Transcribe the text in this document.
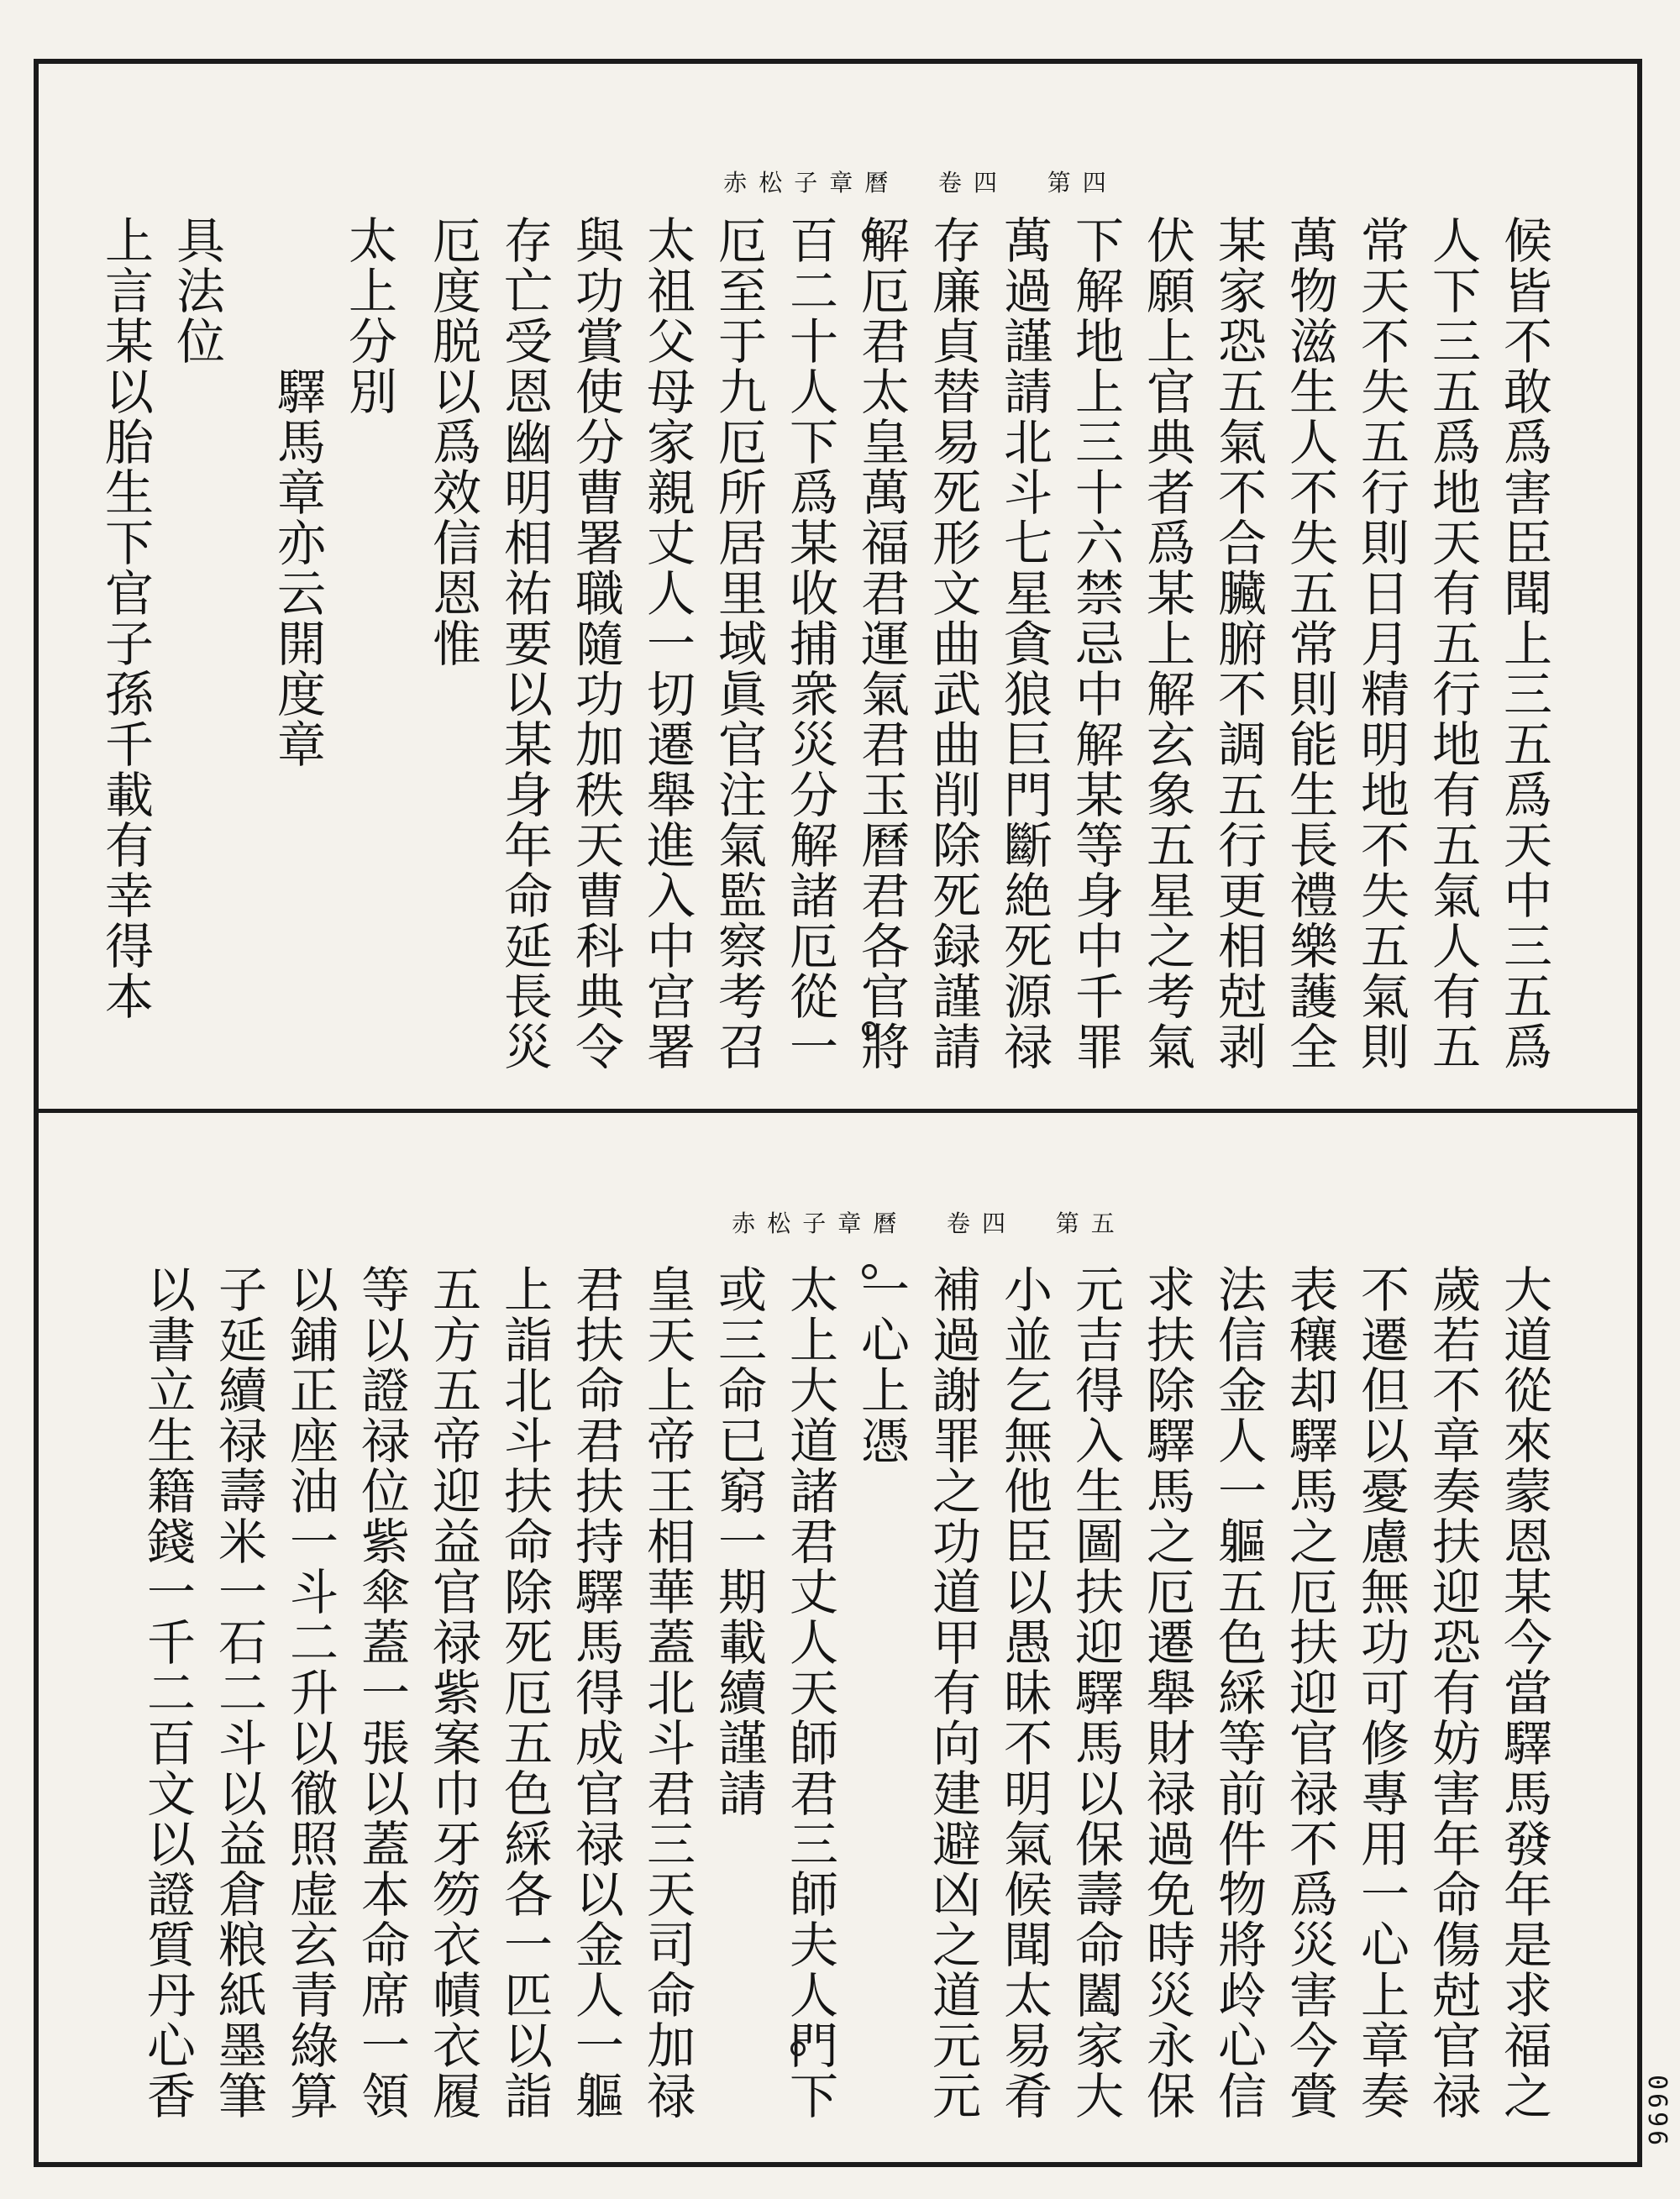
赤松子章曆  卷四  第四
候皆不敢爲害臣聞上三五爲天中三五爲
人下三五爲地天有五行地有五氣人有五
常天不失五行則日月精明地不失五氣則
萬物滋生人不失五常則能生長禮樂䕶全
某家恐五氣不合臟腑不調五行更相尅剥
伏願上官典者爲某上解玄象五星之考氣
下解地上三十六禁忌中解某等身中千罪
萬過謹請北斗七星貪狼巨門斷絶死源禄
存廉貞替易死形文曲武曲削除死録謹請
解厄君太皇萬福君運氣君玉曆君各官將
百二十人下爲某收捕衆災分解諸厄從一
厄至于九厄所居里域眞官注氣監察考召
太祖父母家親丈人一切遷舉進入中宫署
與功賞使分曹署職隨功加秩天曹科典令
存亡受恩幽明相祐要以某身年命延長災
厄度脱以爲效信恩惟
太上分別
驛馬章亦云開度章
具法位
上言某以胎生下官子孫千載有幸得本
赤松子章曆  卷四  第五
大道從來蒙恩某今當驛馬發年是求福之
歲若不章奏扶迎恐有妨害年命傷尅官禄
不遷但以憂慮無功可修專用一心上章奏
表穰却驛馬之厄扶迎官禄不爲災害今賫
法信金人一軀五色綵等前件物將㱓心信
求扶除驛馬之厄遷舉財禄過免時災永保
元吉得入生圖扶迎驛馬以保壽命闔家大
小並乞無他臣以愚昧不明氣候聞太易肴
補過謝罪之功道甲有向建避凶之道元元
一心上憑
太上大道諸君丈人天師君三師夫人門下
或三命已窮一期載續謹請
皇天上帝王相華蓋北斗君三天司命加禄
君扶命君扶持驛馬得成官禄以金人一軀
上詣北斗扶命除死厄五色綵各一匹以詣
五方五帝迎益官禄紫案巾牙笏衣幘衣履
等以證禄位紫傘蓋一張以蓋本命席一領
以鋪正座油一斗二升以徹照虚玄青綠算
子延續禄壽米一石二斗以益倉粮紙墨筆
以書立生籍錢一千二百文以證質丹心香	0696
